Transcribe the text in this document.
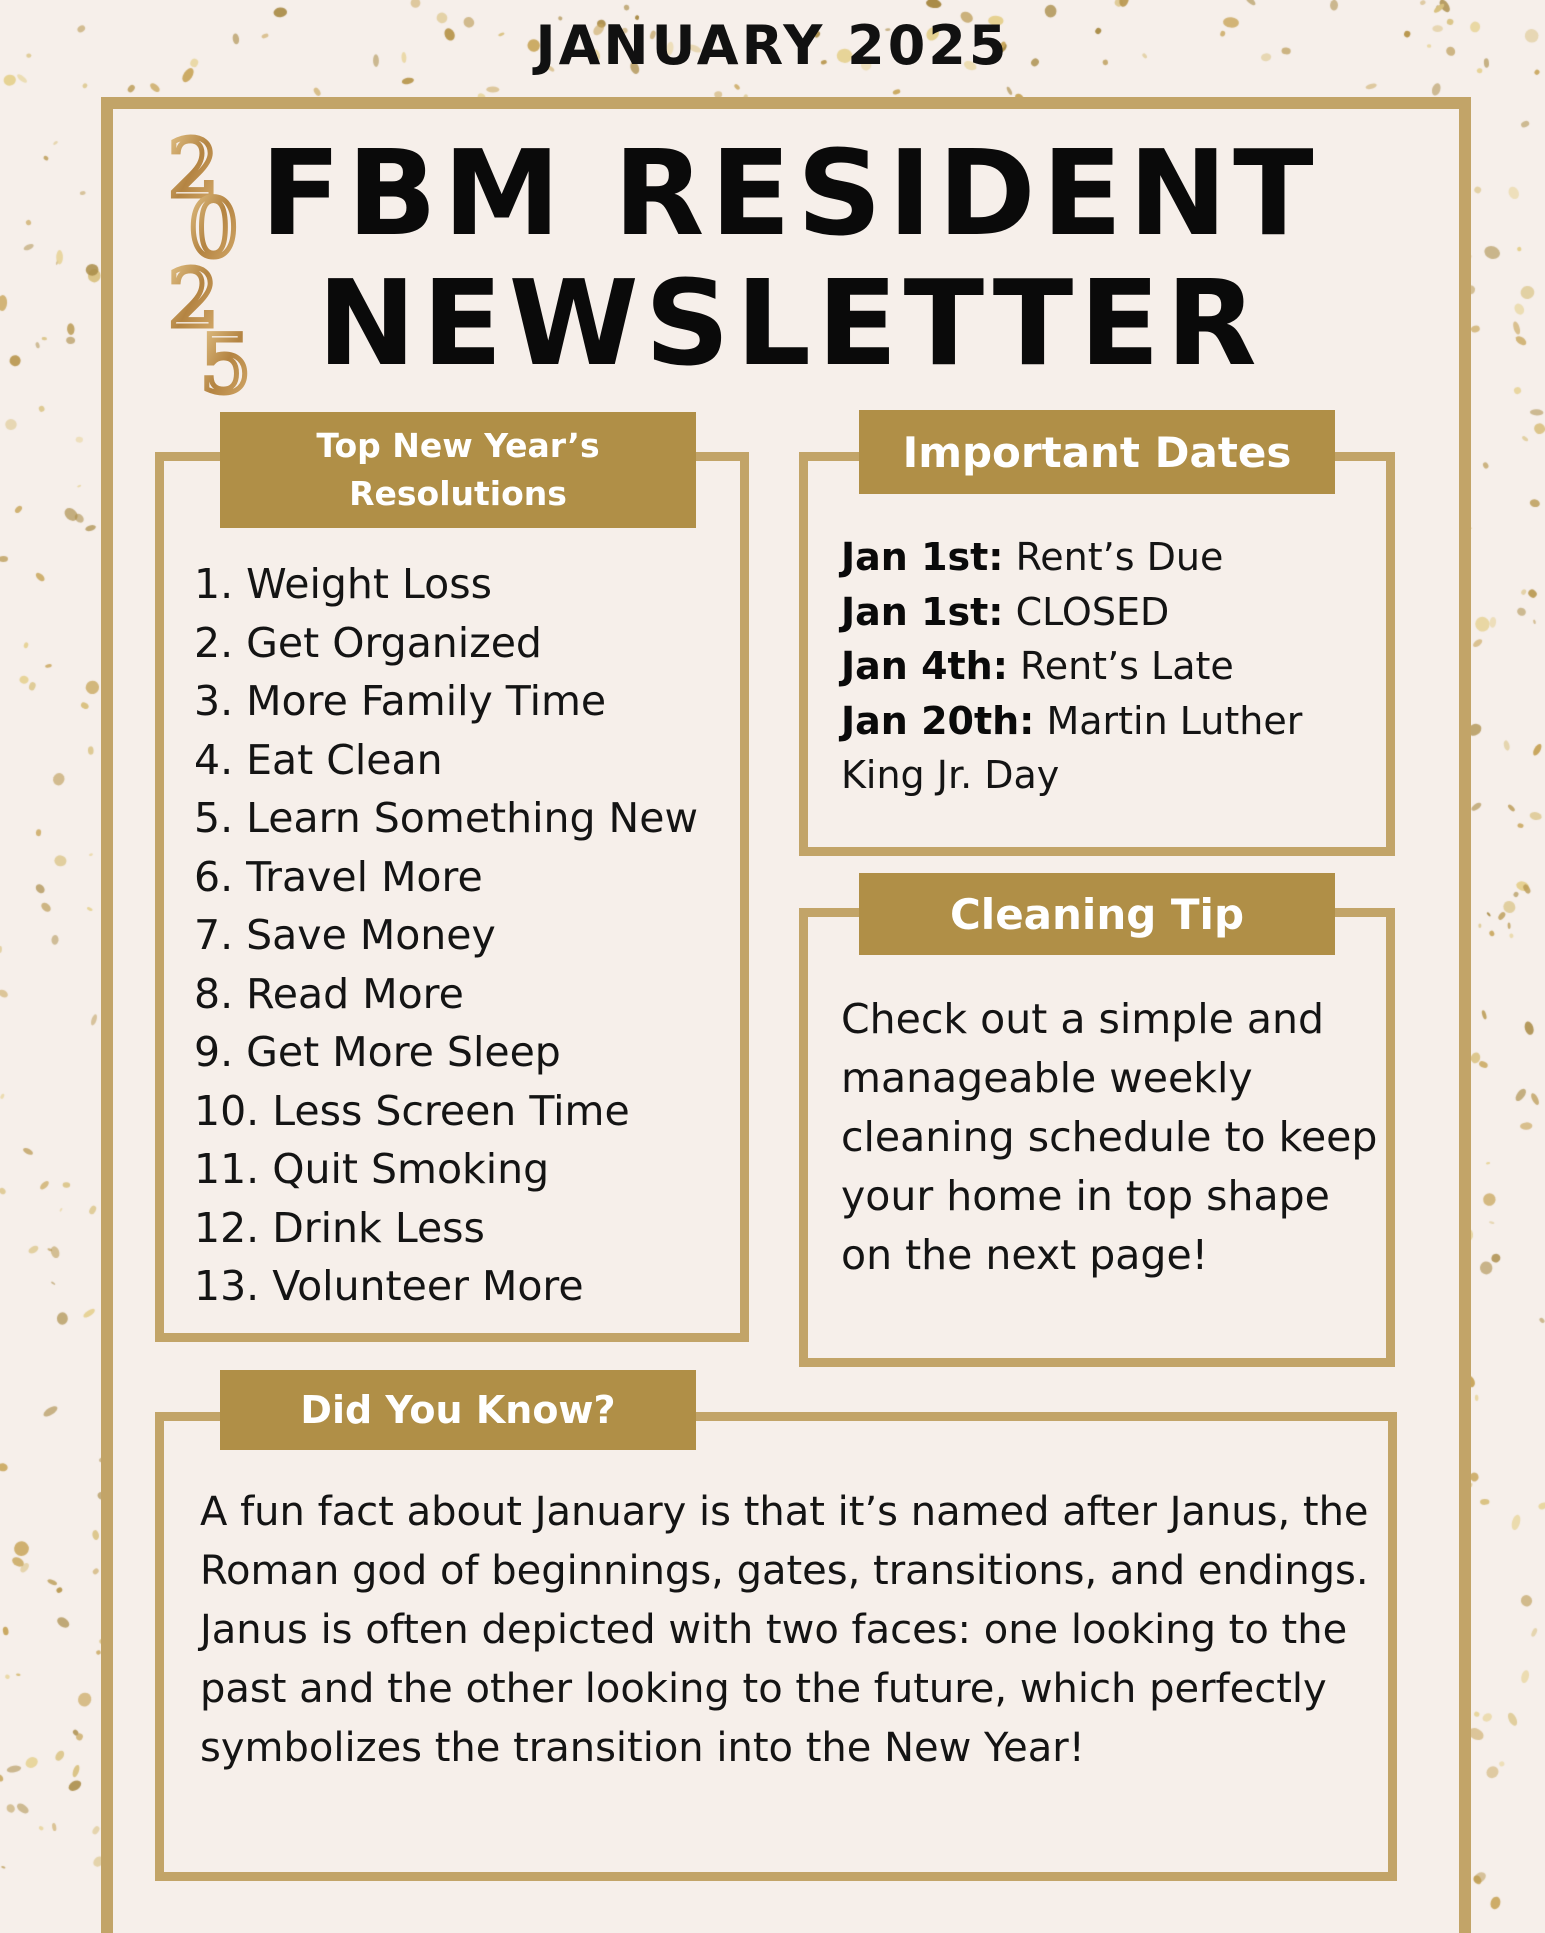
JANUARY 2025
2
0
2
5
FBM RESIDENT
NEWSLETTER
Top New Year’s
Resolutions
1. Weight Loss
2. Get Organized
3. More Family Time
4. Eat Clean
5. Learn Something New
6. Travel More
7. Save Money
8. Read More
9. Get More Sleep
10. Less Screen Time
11. Quit Smoking
12. Drink Less
13. Volunteer More
Important Dates
Jan 1st: Rent’s Due
Jan 1st: CLOSED
Jan 4th: Rent’s Late
Jan 20th: Martin Luther King Jr. Day
Cleaning Tip
Check out a simple and manageable weekly cleaning schedule to keep your home in top shape on the next page!
Did You Know?
A fun fact about January is that it’s named after Janus, the Roman god of beginnings, gates, transitions, and endings. Janus is often depicted with two faces: one looking to the past and the other looking to the future, which perfectly symbolizes the transition into the New Year!
